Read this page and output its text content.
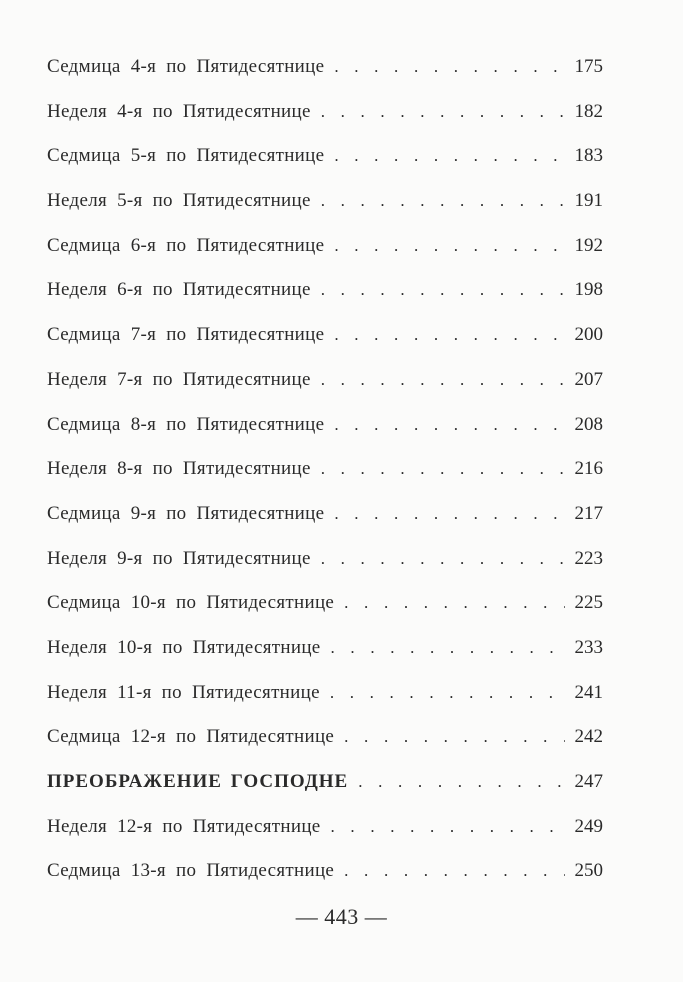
Седмица 4-я по Пятидесятнице . . .	175
Неделя 4-я по Пятидесятнице . . .	182
Седмица 5-я по Пятидесятнице . . .	183
Неделя 5-я по Пятидесятнице . . .	191
Седмица 6-я по Пятидесятнице . . .	192
Неделя 6-я по Пятидесятнице . . .	198
Седмица 7-я по Пятидесятнице . . .	200
Неделя 7-я по Пятидесятнице . . .	207
Седмица 8-я по Пятидесятнице . . .	208
Неделя 8-я по Пятидесятнице . . .	216
Седмица 9-я по Пятидесятнице . . .	217
Неделя 9-я по Пятидесятнице . . .	223
Седмица 10-я по Пятидесятнице . . .	225
Неделя 10-я по Пятидесятнице . . .	233
Неделя 11-я по Пятидесятнице . . .	241
Седмица 12-я по Пятидесятнице . . .	242
ПРЕОБРАЖЕНИЕ ГОСПОДНЕ . . .	247
Неделя 12-я по Пятидесятнице . . .	249
Седмица 13-я по Пятидесятнице . . .	250
— 443 —
